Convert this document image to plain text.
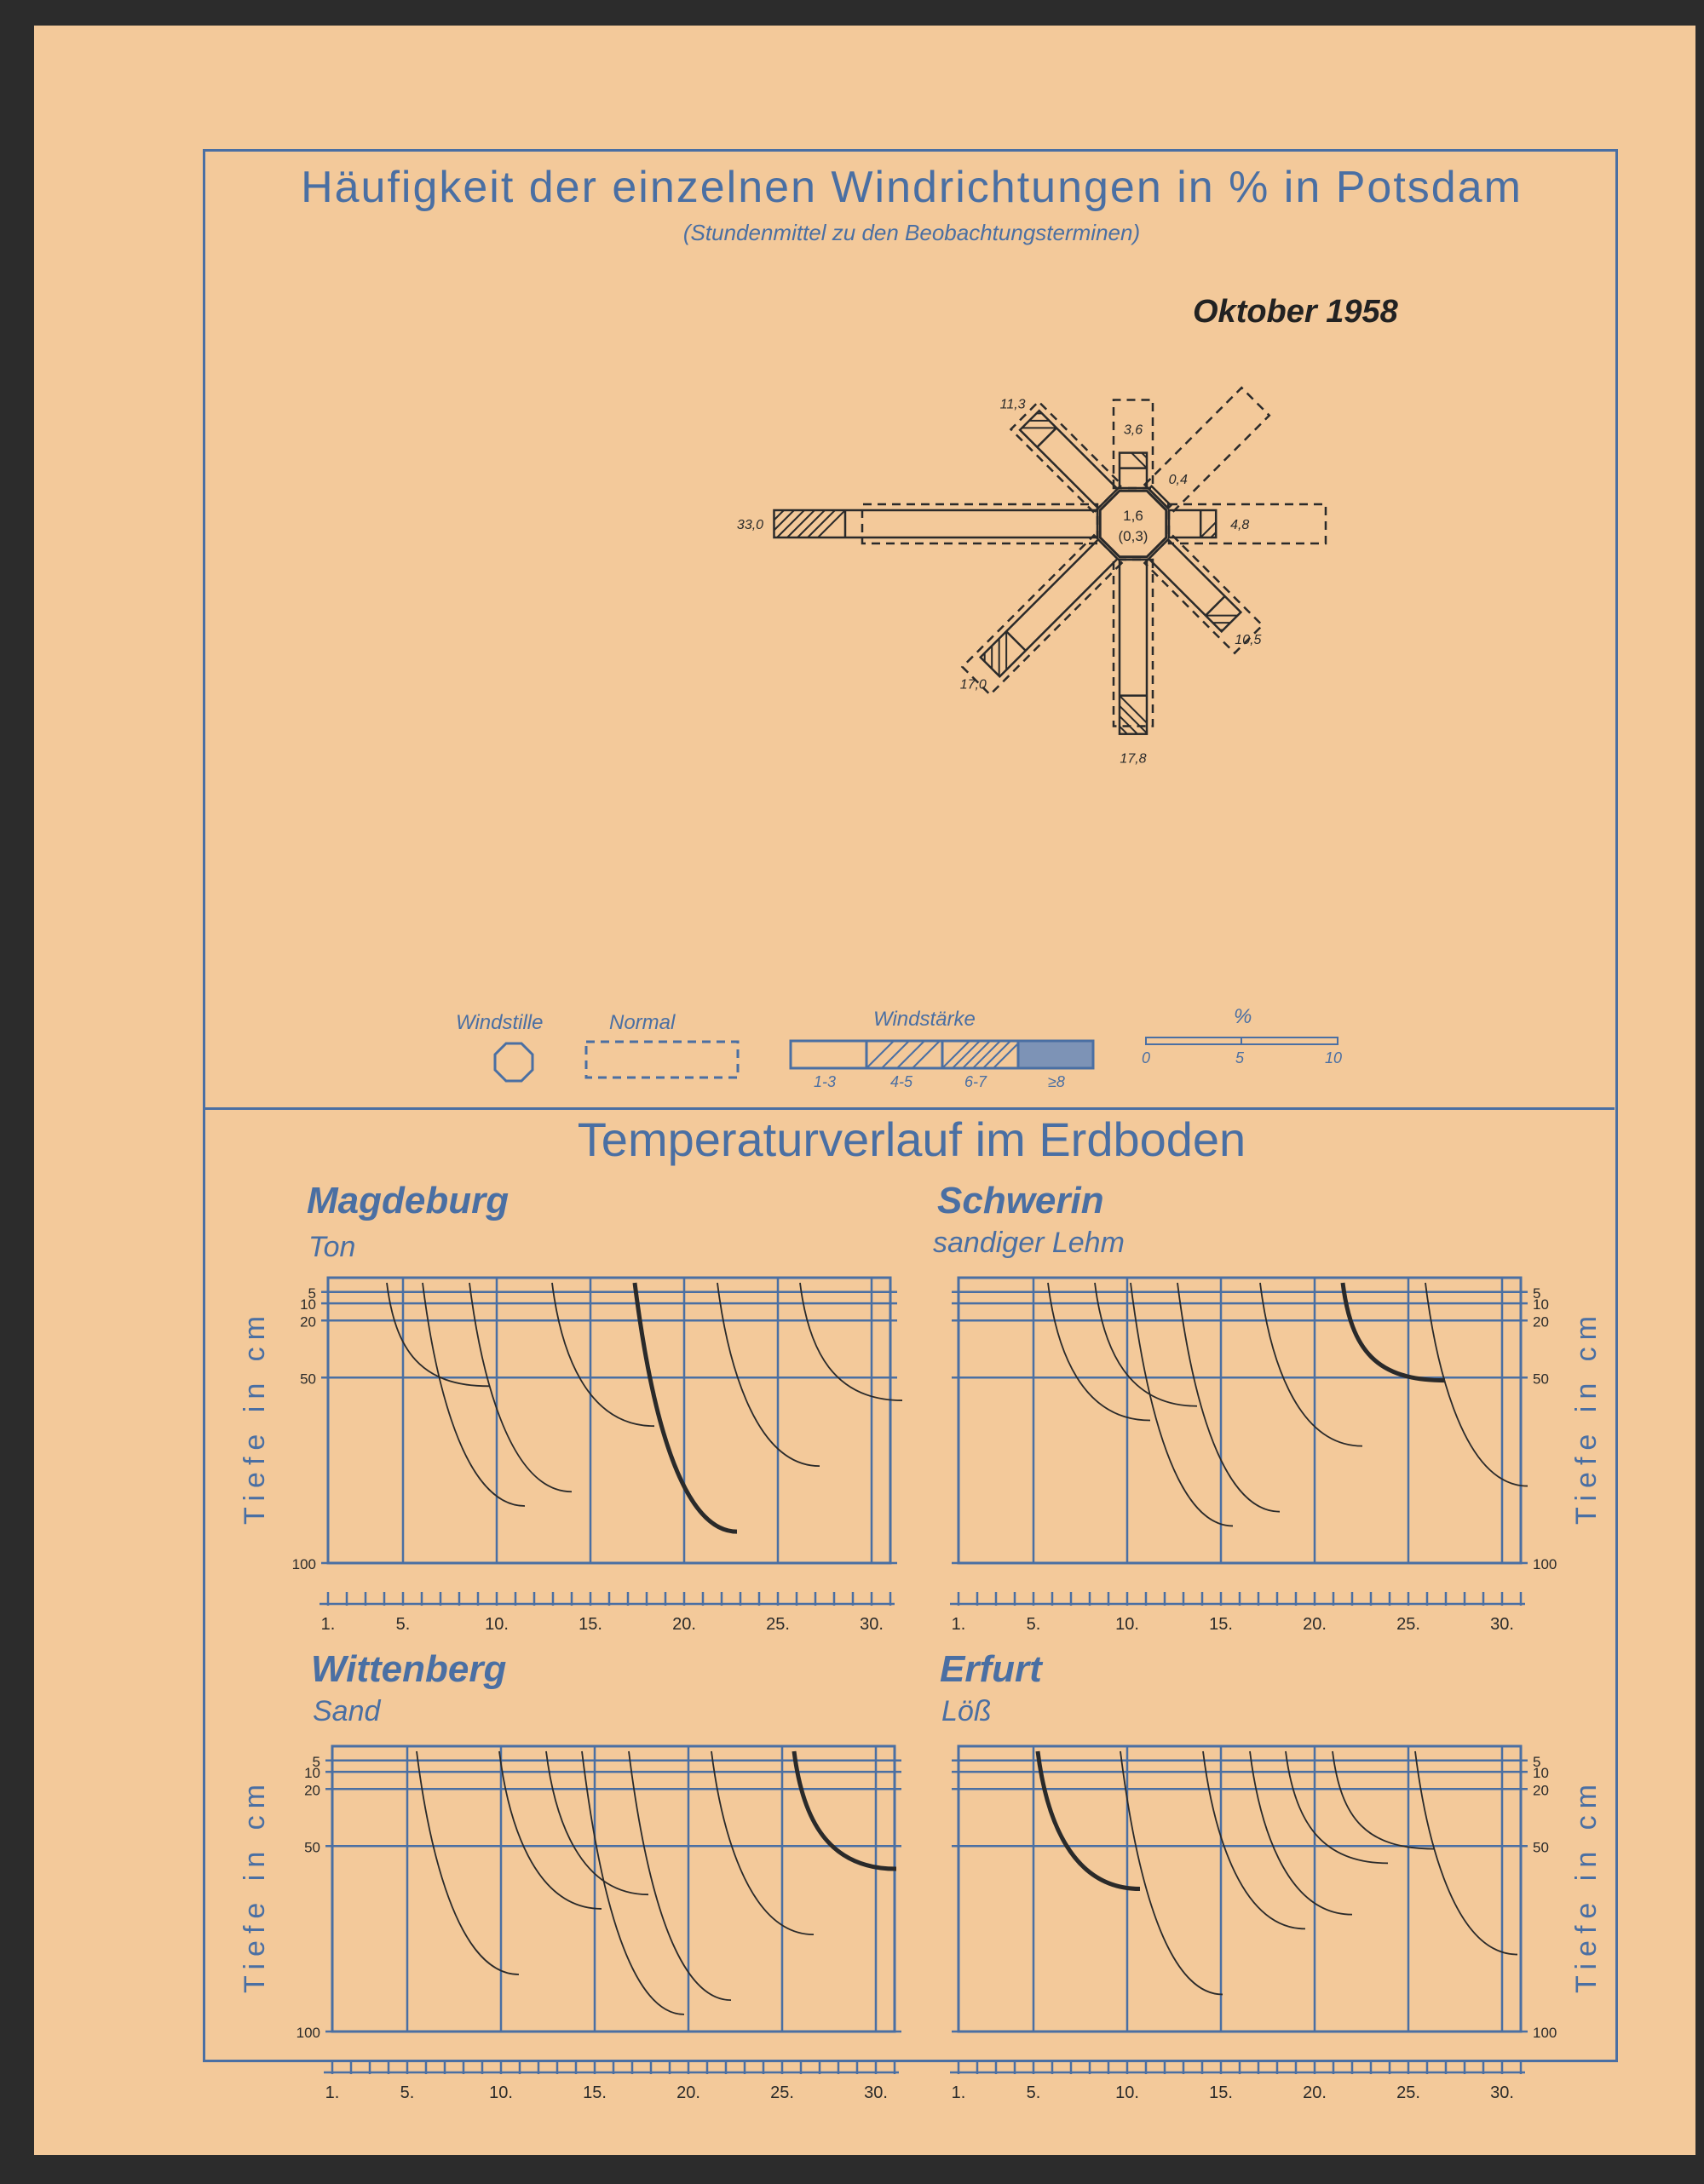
Häufigkeit der einzelnen Windrichtungen in % in Potsdam
(Stundenmittel zu den Beobachtungsterminen)
Oktober 1958
3,6
0,4
4,8
10,5
17,8
17,0
33,0
11,3
1,6
(0,3)
Windstille	Normal	Windstärke	%
1-3	4-5	6-7	≥8
0	5	10
Temperaturverlauf im Erdboden
Magdeburg
Ton
Schwerin
sandiger Lehm
Wittenberg
Sand
Erfurt
Löß
Tiefe in cm	Tiefe in cm
Tiefe in cm	Tiefe in cm
5
10
20
50
100
1.	5.	10.	15.	20.	25.	30.
5
10
20
50
100
1.	5.	10.	15.	20.	25.	30.
5
10
20
50
100
1.	5.	10.	15.	20.	25.	30.
5
10
20
50
100
1.	5.	10.	15.	20.	25.	30.
